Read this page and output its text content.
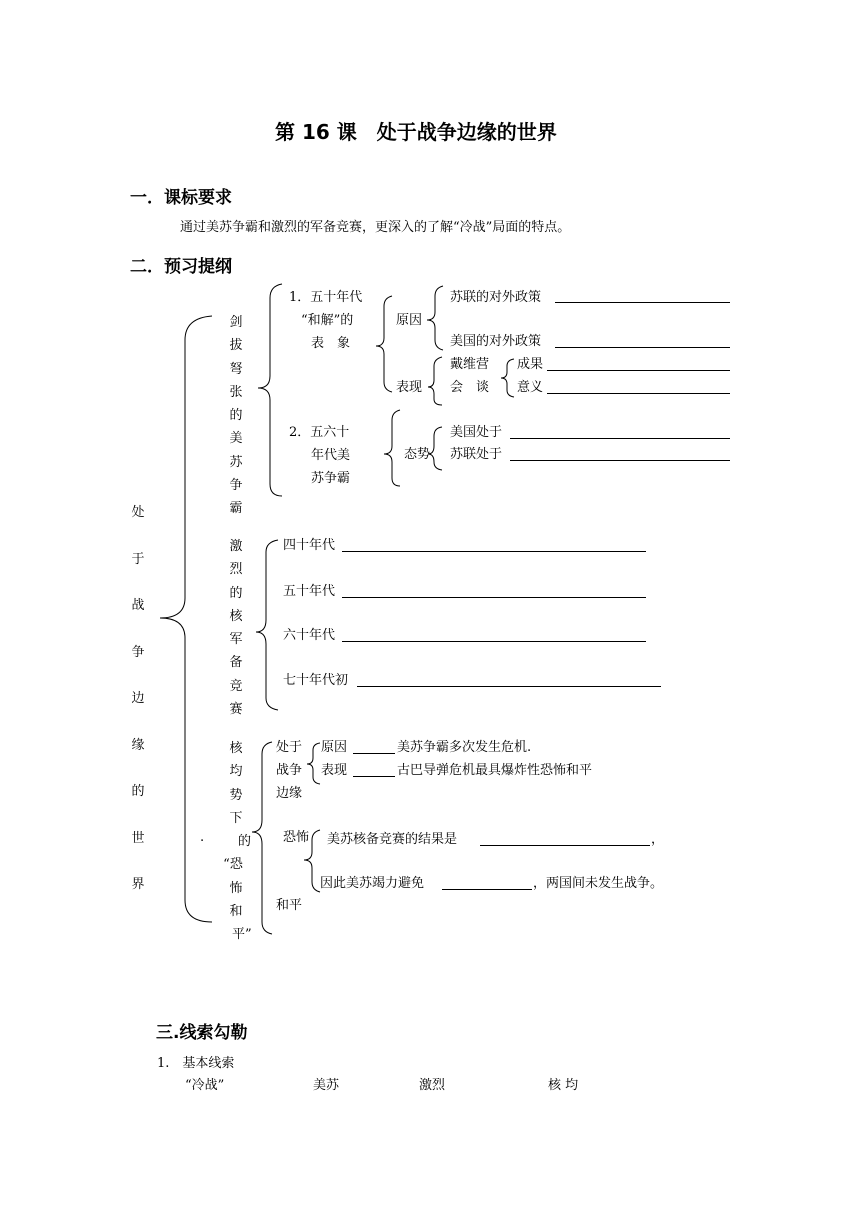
第 16 课　处于战争边缘的世界
一．课标要求
通过美苏争霸和激烈的军备竞赛，更深入的了解“冷战”局面的特点。
二．预习提纲
处
于
战
争
边
缘
的
世
界
剑
拔
弩
张
的
美
苏
争
霸
1．五十年代
“和解”的
表　象
原因
苏联的对外政策
美国的对外政策
表现
戴维营
会　谈
成果
意义
2．五六十
年代美
苏争霸
态势
美国处于
苏联处于
激
烈
的
核
军
备
竞
赛
四十年代
五十年代
六十年代
七十年代初
核
均
势
下
的
“恐
怖
和
平”
.
处于
战争
边缘
原因	美苏争霸多次发生危机.
表现	古巴导弹危机最具爆炸性恐怖和平
恐怖
和平
美苏核备竞赛的结果是	，
因此美苏竭力避免	，两国间未发生战争。
三.线索勾勒
1.　基本线索
“冷战”	美苏	激烈	核 均
